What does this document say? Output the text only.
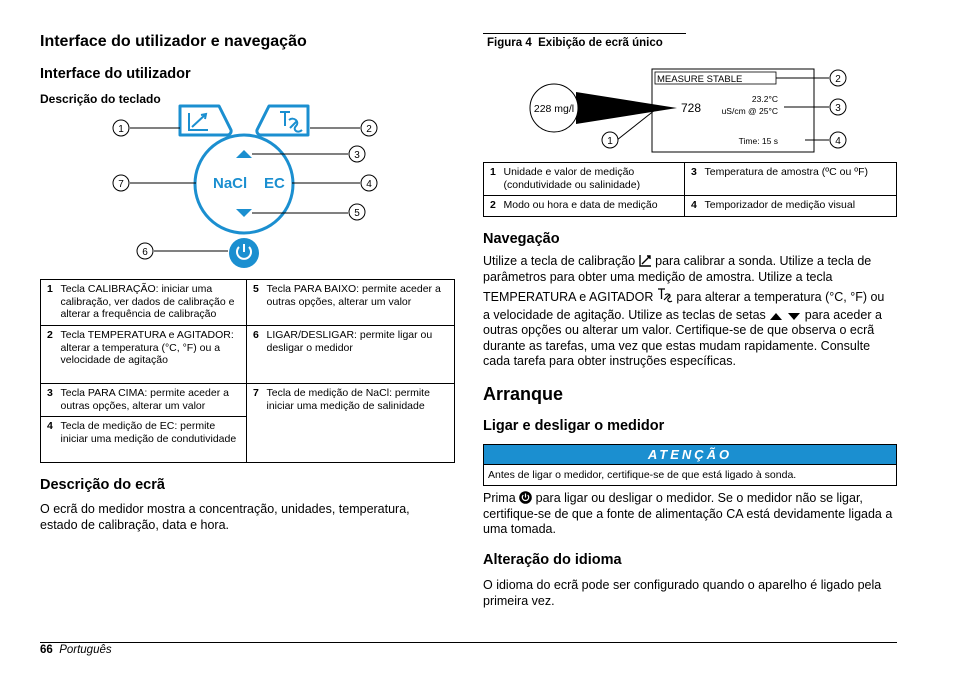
Interface do utilizador e navegação
Interface do utilizador
Descrição do teclado
NaCl EC
1	2
3
4
5
6
7
1	Tecla CALIBRAÇÃO: iniciar uma calibração, ver dados de calibração e alterar a frequência de calibração	5	Tecla PARA BAIXO: permite aceder a outras opções, alterar um valor
2	Tecla TEMPERATURA e AGITADOR: alterar a temperatura (°C, °F) ou a velocidade de agitação	6	LIGAR/DESLIGAR: permite ligar ou desligar o medidor
3	Tecla PARA CIMA: permite aceder a outras opções, alterar um valor	7	Tecla de medição de NaCl: permite iniciar uma medição de salinidade
4	Tecla de medição de EC: permite iniciar uma medição de condutividade		
Descrição do ecrã

O ecrã do medidor mostra a concentração, unidades, temperatura, estado de calibração, data e hora.

Figura 4 Exibição de ecrã único
MEASURE STABLE
728
23.2°C
uS/cm @ 25°C
Time: 15 s
228 mg/l
1
2
3
4
1	Unidade e valor de medição (condutividade ou salinidade)	3	Temperatura de amostra (ºC ou ºF)
2	Modo ou hora e data de medição	4	Temporizador de medição visual
Navegação
Utilize a tecla de calibração para calibrar a sonda. Utilize a tecla de parâmetros para obter uma medição de amostra. Utilize a tecla
TEMPERATURA e AGITADOR para alterar a temperatura (°C, °F) ou
a velocidade de agitação. Utilize as teclas de setas	para aceder a outras opções ou alterar um valor. Certifique-se de que observa o ecrã durante as tarefas, uma vez que estas mudam rapidamente. Consulte cada tarefa para obter instruções específicas.
Arranque
Ligar e desligar o medidor
ATENÇÃO
Antes de ligar o medidor, certifique-se de que está ligado à sonda.
Prima para ligar ou desligar o medidor. Se o medidor não se ligar, certifique-se de que a fonte de alimentação CA está devidamente ligada a uma tomada.
Alteração do idioma

O idioma do ecrã pode ser configurado quando o aparelho é ligado pela primeira vez.

66 Português
